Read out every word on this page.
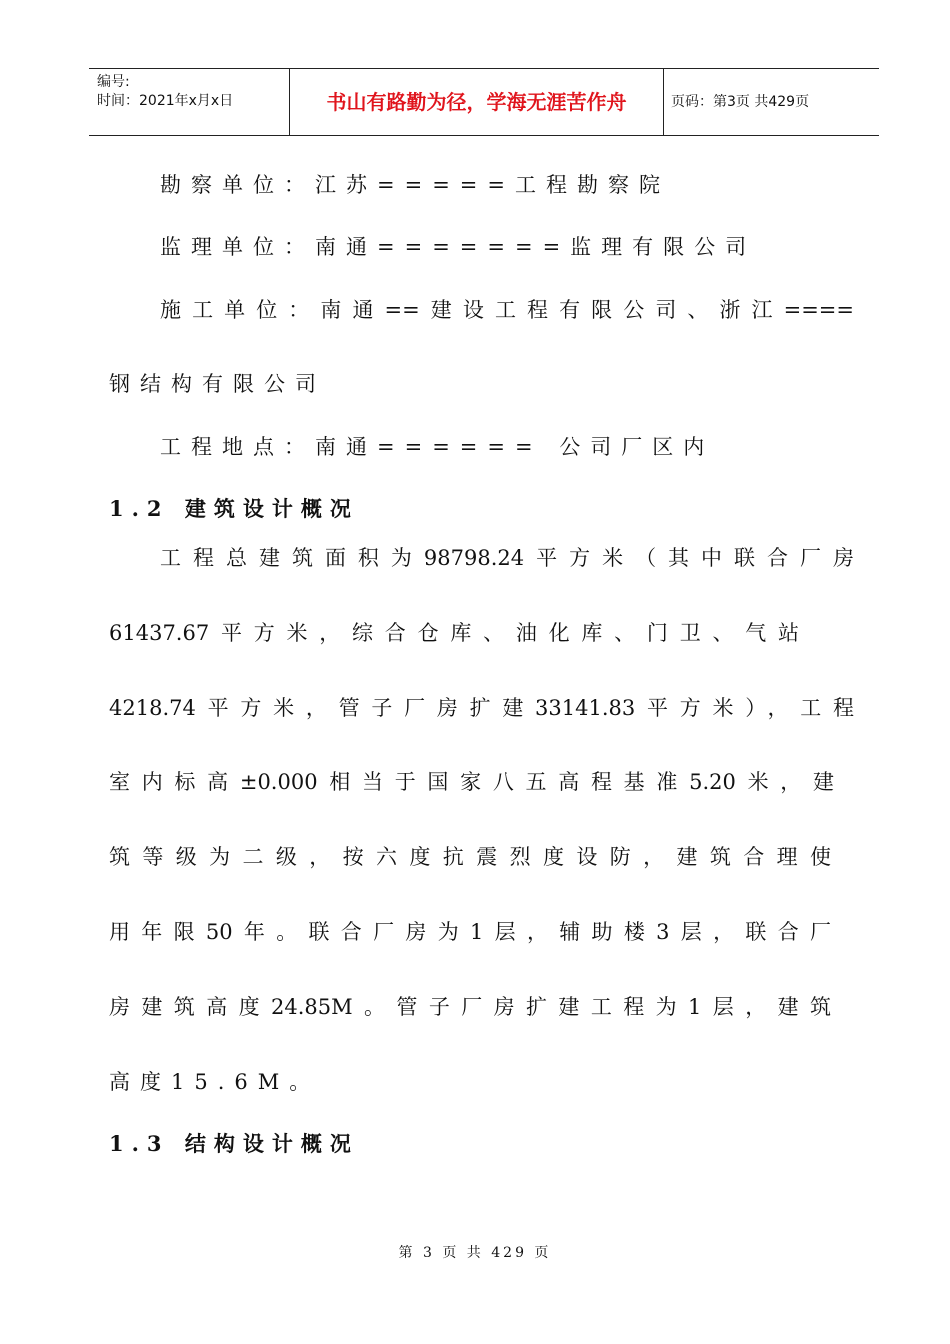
编号:
时间：2021年x月x日	书山有路勤为径，学海无涯苦作舟	页码：第3页 共429页
勘察单位：江苏=====工程勘察院
监理单位：南通=======监理有限公司
施工单位：南通==建设工程有限公司、浙江====
钢结构有限公司
工程地点：南通====== 公司厂区内
1.2 建筑设计概况
工程总建筑面积为98798.24平方米（其中联合厂房
61437.67平方米，综合仓库、油化库、门卫、气站
4218.74平方米，管子厂房扩建33141.83平方米），工程
室内标高±0.000相当于国家八五高程基准5.20米，建
筑等级为二级，按六度抗震烈度设防，建筑合理使
用年限50年。联合厂房为1层，辅助楼3层，联合厂
房建筑高度24.85M。管子厂房扩建工程为1层，建筑
高度15.6M。
1.3 结构设计概况
第 3 页 共 429 页
